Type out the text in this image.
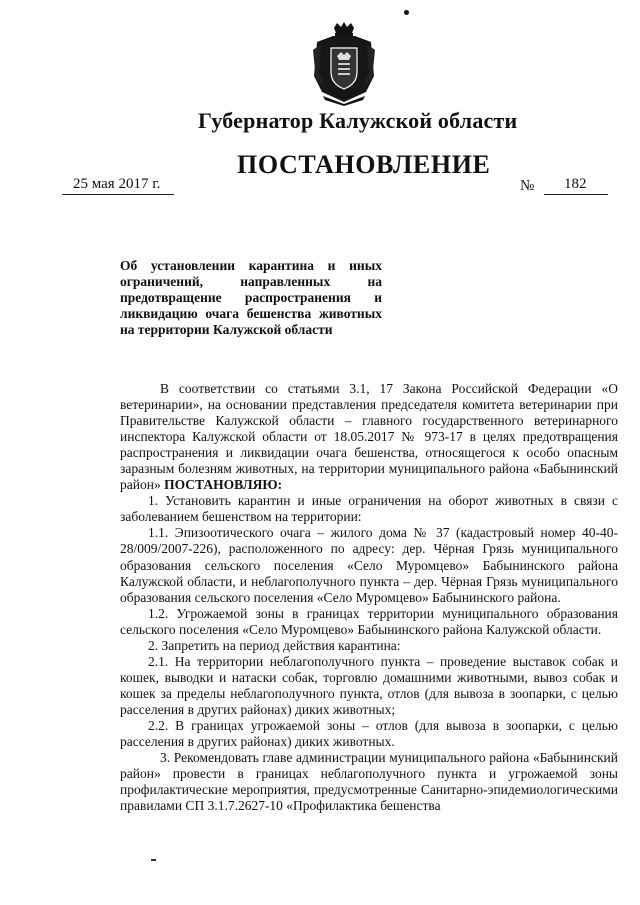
Губернатор Калужской области
ПОСТАНОВЛЕНИЕ
25 мая 2017 г.	№ 182
Об установлении карантина и иных
ограничений, направленных на
предотвращение распространения и
ликвидацию очага бешенства животных
на территории Калужской области
В соответствии со статьями 3.1, 17 Закона Российской Федерации «О ветеринарии», на основании представления председателя комитета ветеринарии при Правительстве Калужской области – главного государственного ветеринарного инспектора Калужской области от 18.05.2017 № 973-17 в целях предотвращения распространения и ликвидации очага бешенства, относящегося к особо опасным заразным болезням животных, на территории муниципального района «Бабынинский район» ПОСТАНОВЛЯЮ:
1. Установить карантин и иные ограничения на оборот животных в связи с заболеванием бешенством на территории:
1.1. Эпизоотического очага – жилого дома № 37 (кадастровый номер 40-40-28/009/2007-226), расположенного по адресу: дер. Чёрная Грязь муниципального образования сельского поселения «Село Муромцево» Бабынинского района Калужской области, и неблагополучного пункта – дер. Чёрная Грязь муниципального образования сельского поселения «Село Муромцево» Бабынинского района.
1.2. Угрожаемой зоны в границах территории муниципального образования сельского поселения «Село Муромцево» Бабынинского района Калужской области.
2. Запретить на период действия карантина:
2.1. На территории неблагополучного пункта – проведение выставок собак и кошек, выводки и натаски собак, торговлю домашними животными, вывоз собак и кошек за пределы неблагополучного пункта, отлов (для вывоза в зоопарки, с целью расселения в других районах) диких животных;
2.2. В границах угрожаемой зоны – отлов (для вывоза в зоопарки, с целью расселения в других районах) диких животных.
3. Рекомендовать главе администрации муниципального района «Бабынинский район» провести в границах неблагополучного пункта и угрожаемой зоны профилактические мероприятия, предусмотренные Санитарно-эпидемиологическими правилами СП 3.1.7.2627-10 «Профилактика бешенства
